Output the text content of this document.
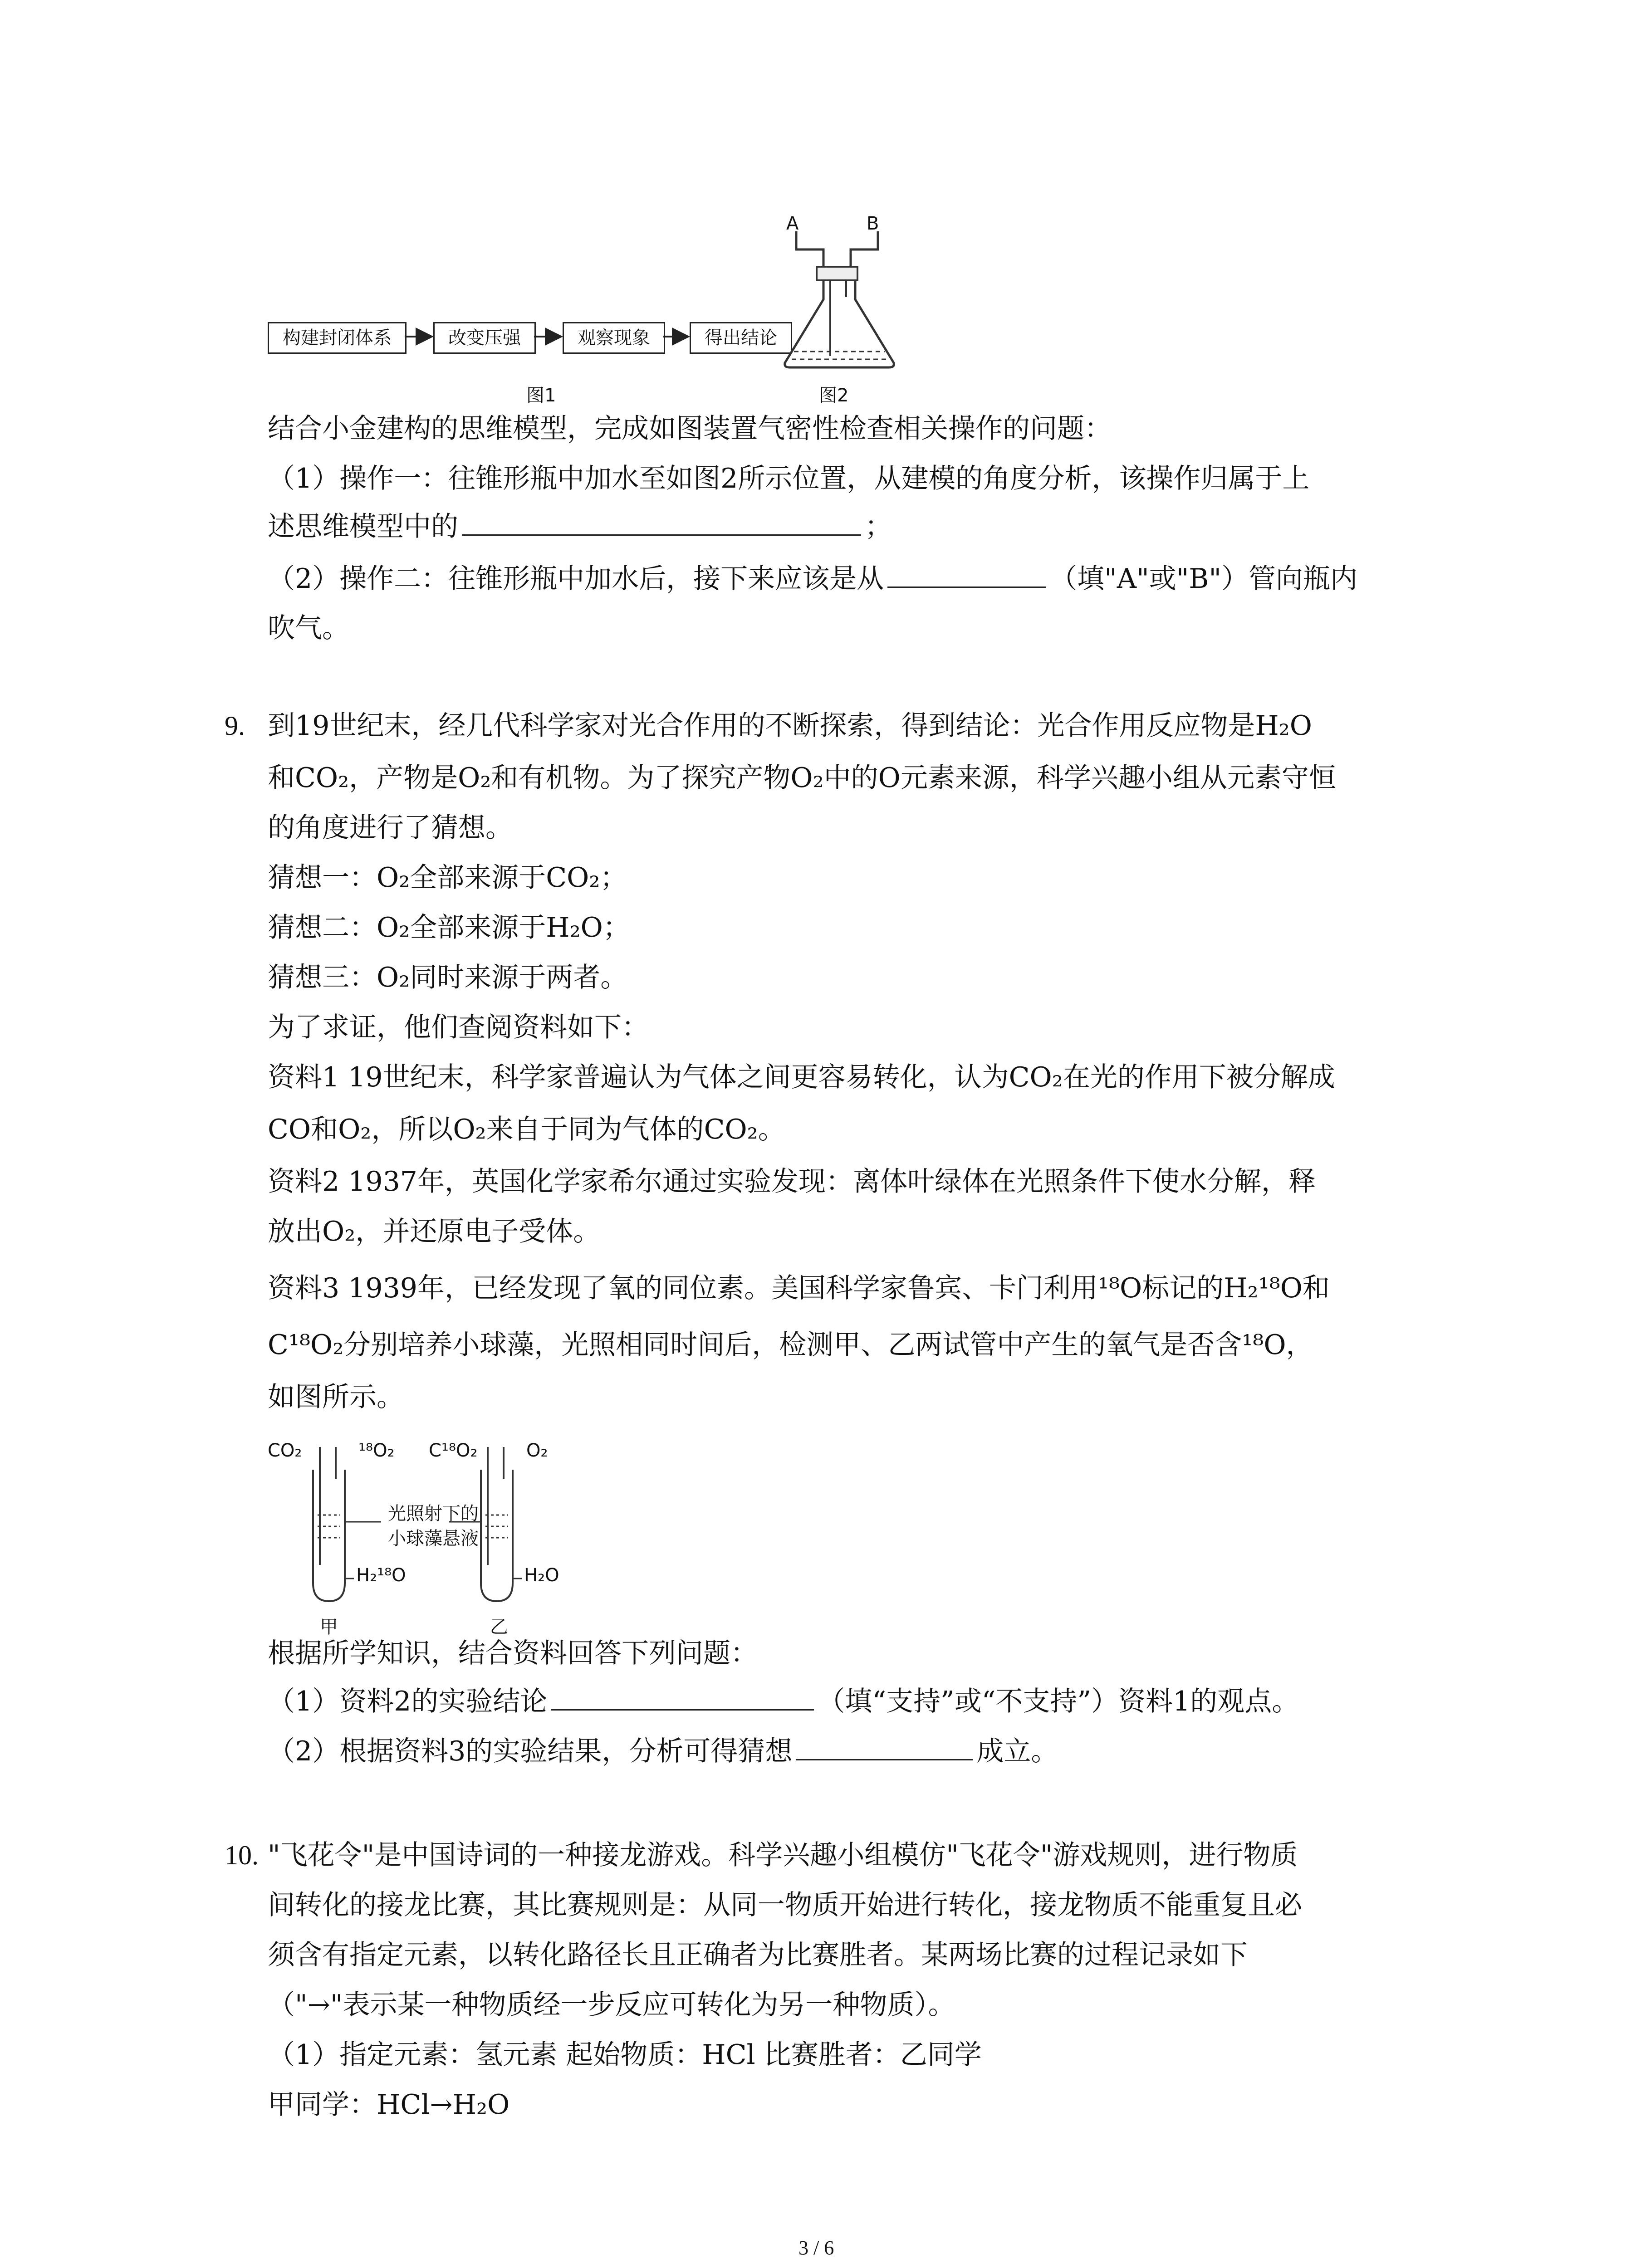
构建封闭体系	改变压强	观察现象	得出结论
图1
A	B
图2
结合小金建构的思维模型，完成如图装置气密性检查相关操作的问题：
（1）操作一：往锥形瓶中加水至如图2所示位置，从建模的角度分析，该操作归属于上
述思维模型中的	；
（2）操作二：往锥形瓶中加水后，接下来应该是从	（填"A"或"B"）管向瓶内
吹气。
9. 到19世纪末，经几代科学家对光合作用的不断探索，得到结论：光合作用反应物是H₂O
和CO₂，产物是O₂和有机物。为了探究产物O₂中的O元素来源，科学兴趣小组从元素守恒
的角度进行了猜想。
猜想一：O₂全部来源于CO₂；
猜想二：O₂全部来源于H₂O；
猜想三：O₂同时来源于两者。
为了求证，他们查阅资料如下：
资料1 19世纪末，科学家普遍认为气体之间更容易转化，认为CO₂在光的作用下被分解成
CO和O₂，所以O₂来自于同为气体的CO₂。
资料2 1937年，英国化学家希尔通过实验发现：离体叶绿体在光照条件下使水分解，释
放出O₂，并还原电子受体。
资料3 1939年，已经发现了氧的同位素。美国科学家鲁宾、卡门利用¹⁸O标记的H₂¹⁸O和
C¹⁸O₂分别培养小球藻，光照相同时间后，检测甲、乙两试管中产生的氧气是否含¹⁸O，
如图所示。
CO₂	¹⁸O₂ C¹⁸O₂	O₂
光照射下的
小球藻悬液
H₂¹⁸O	H₂O
甲	乙
根据所学知识，结合资料回答下列问题：
（1）资料2的实验结论	（填“支持”或“不支持”）资料1的观点。
（2）根据资料3的实验结果，分析可得猜想	成立。
10. "飞花令"是中国诗词的一种接龙游戏。科学兴趣小组模仿"飞花令"游戏规则，进行物质
间转化的接龙比赛，其比赛规则是：从同一物质开始进行转化，接龙物质不能重复且必
须含有指定元素，以转化路径长且正确者为比赛胜者。某两场比赛的过程记录如下
（"→"表示某一种物质经一步反应可转化为另一种物质）。
（1）指定元素：氢元素 起始物质：HCl 比赛胜者：乙同学
甲同学：HCl→H₂O
3 / 6
